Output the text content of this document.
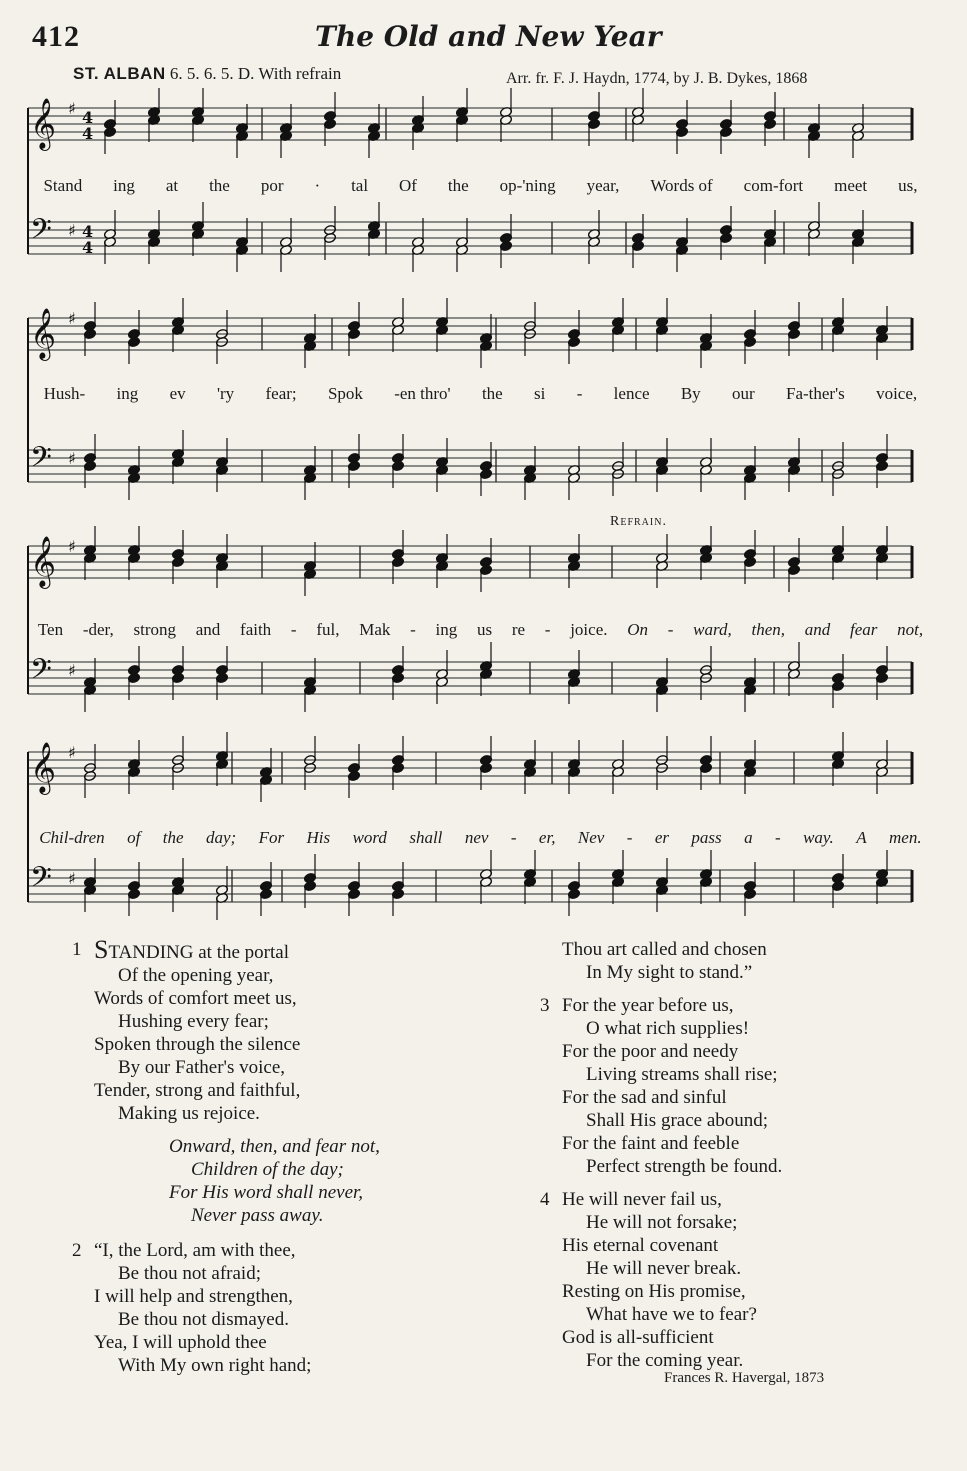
412	The Old and New Year
ST. ALBAN 6. 5. 6. 5. D. With refrain	Arr. fr. F. J. Haydn, 1774, by J. B. Dykes, 1868
𝄞 ♯ 4
4
𝄢 ♯ 4
4
𝄞 ♯
𝄢 ♯
𝄞 ♯
𝄢 ♯
𝄞 ♯
𝄢 ♯
Stand ing at the por · tal Of the op-'ning year, Words of com-fort meet us,
Hush- ing ev 'ry fear; Spok -en thro' the si - lence By our Fa-ther's voice,
Ten -der, strong and faith - ful, Mak - ing us re - joice. On - ward, then, and fear not,
Chil-dren of the day; For His word shall nev - er, Nev - er pass a - way. A men.
Refrain.
1 STANDING at the portal
Of the opening year,
Words of comfort meet us,
Hushing every fear;
Spoken through the silence
By our Father's voice,
Tender, strong and faithful,
Making us rejoice.
Onward, then, and fear not,
Children of the day;
For His word shall never,
Never pass away.
2 “I, the Lord, am with thee,
Be thou not afraid;
I will help and strengthen,
Be thou not dismayed.
Yea, I will uphold thee
With My own right hand;
Thou art called and chosen
In My sight to stand.”
3 For the year before us,
O what rich supplies!
For the poor and needy
Living streams shall rise;
For the sad and sinful
Shall His grace abound;
For the faint and feeble
Perfect strength be found.
4 He will never fail us,
He will not forsake;
His eternal covenant
He will never break.
Resting on His promise,
What have we to fear?
God is all-sufficient
For the coming year.
Frances R. Havergal, 1873
